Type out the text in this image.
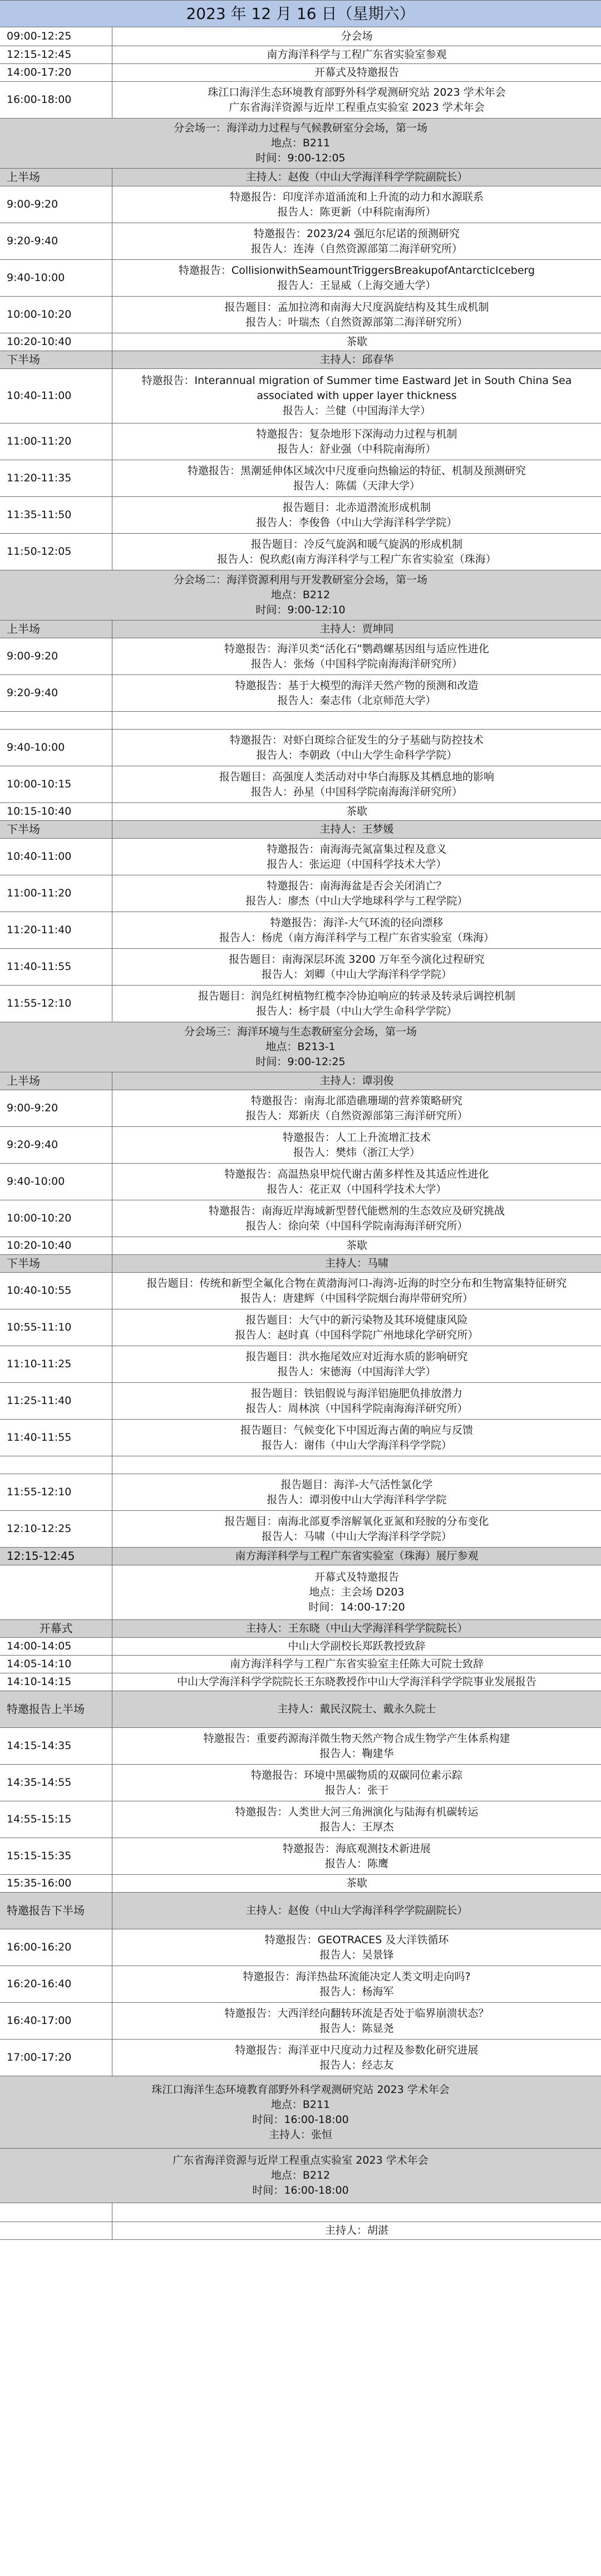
2023 年 12 月 16 日（星期六）
09:00-12:25	分会场
12:15-12:45	南方海洋科学与工程广东省实验室参观
14:00-17:20	开幕式及特邀报告
16:00-18:00
珠江口海洋生态环境教育部野外科学观测研究站 2023 学术年会
广东省海洋资源与近岸工程重点实验室 2023 学术年会
分会场一：海洋动力过程与气候教研室分会场，第一场
地点：B211
时间：9:00-12:05
上半场	主持人：赵俊（中山大学海洋科学学院副院长）
9:00-9:20
特邀报告：印度洋赤道涌流和上升流的动力和水源联系
报告人：陈更新（中科院南海所）
9:20-9:40
特邀报告：2023/24 强厄尔尼诺的预测研究
报告人：连涛（自然资源部第二海洋研究所）
9:40-10:00
特邀报告：CollisionwithSeamountTriggersBreakupofAntarcticIceberg
报告人：王显威（上海交通大学）
10:00-10:20
报告题目：孟加拉湾和南海大尺度涡旋结构及其生成机制
报告人：叶瑞杰（自然资源部第二海洋研究所）
10:20-10:40	茶歇
下半场	主持人：邱春华
10:40-11:00
特邀报告：Interannual migration of Summer time Eastward Jet in South China Sea
associated with upper layer thickness
报告人：兰健（中国海洋大学）
11:00-11:20
特邀报告：复杂地形下深海动力过程与机制
报告人：舒业强（中科院南海所）
11:20-11:35
特邀报告：黑潮延伸体区域次中尺度垂向热输运的特征、机制及预测研究
报告人：陈儒（天津大学）
11:35-11:50
报告题目：北赤道潜流形成机制
报告人：李俊鲁（中山大学海洋科学学院）
11:50-12:05
报告题目：冷反气旋涡和暖气旋涡的形成机制
报告人：倪玖彪(南方海洋科学与工程广东省实验室（珠海）
分会场二：海洋资源利用与开发教研室分会场，第一场
地点：B212
时间：9:00-12:10
上半场	主持人：贾坤同
9:00-9:20
特邀报告：海洋贝类“活化石”鹦鹉螺基因组与适应性进化
报告人：张炀（中国科学院南海海洋研究所）
9:20-9:40
特邀报告：基于大模型的海洋天然产物的预测和改造
报告人：秦志伟（北京师范大学）
9:40-10:00
特邀报告：对虾白斑综合征发生的分子基础与防控技术
报告人：李朝政（中山大学生命科学学院）
10:00-10:15
报告题目：高强度人类活动对中华白海豚及其栖息地的影响
报告人：孙星（中国科学院南海海洋研究所）
10:15-10:40	茶歇
下半场	主持人：王梦媛
10:40-11:00
特邀报告：南海海壳氮富集过程及意义
报告人：张运迎（中国科学技术大学）
11:00-11:20
特邀报告：南海海盆是否会关闭消亡？
报告人：廖杰（中山大学地球科学与工程学院）
11:20-11:40
特邀报告：海洋-大气环流的径向漂移
报告人：杨虎（南方海洋科学与工程广东省实验室（珠海）
11:40-11:55
报告题目：南海深层环流 3200 万年至今演化过程研究
报告人：刘卿（中山大学海洋科学学院）
11:55-12:10
报告题目：润凫红树植物红榄李冷协迫响应的转录及转录后调控机制
报告人：杨宇晨（中山大学生命科学学院）
分会场三：海洋环境与生态教研室分会场，第一场
地点：B213-1
时间：9:00-12:25
上半场	主持人：谭羽俊
9:00-9:20
特邀报告：南海北部造礁珊瑚的营养策略研究
报告人：郑新庆（自然资源部第三海洋研究所）
9:20-9:40
特邀报告：人工上升流增汇技术
报告人：樊炜（浙江大学）
9:40-10:00
特邀报告：高温热泉甲烷代谢古菌多样性及其适应性进化
报告人：花正双（中国科学技术大学）
10:00-10:20
特邀报告：南海近岸海域新型替代能燃剂的生态效应及研究挑战
报告人：徐向荣（中国科学院南海海洋研究所）
10:20-10:40	茶歇
下半场	主持人：马啸
10:40-10:55
报告题目：传统和新型全氟化合物在黄渤海河口-海湾-近海的时空分布和生物富集特征研究
报告人：唐建辉（中国科学院烟台海岸带研究所）
10:55-11:10
报告题目：大气中的新污染物及其环境健康风险
报告人：赵时真（中国科学院广州地球化学研究所）
11:10-11:25
报告题目：洪水拖尾效应对近海水质的影响研究
报告人：宋德海（中国海洋大学）
11:25-11:40
报告题目：铁铝假说与海洋铝施肥负排放潜力
报告人：周林滨（中国科学院南海海洋研究所）
11:40-11:55
报告题目：气候变化下中国近海古菌的响应与反馈
报告人：谢伟（中山大学海洋科学学院）
11:55-12:10
报告题目：海洋-大气活性氯化学
报告人：谭羽俊中山大学海洋科学学院
12:10-12:25
报告题目：南海北部夏季溶解氧化亚氮和羟胺的分布变化
报告人：马啸（中山大学海洋科学学院）
12:15-12:45	南方海洋科学与工程广东省实验室（珠海）展厅参观
开幕式及特邀报告
地点：主会场 D203
时间：14:00-17:20
开幕式	主持人：王东晓（中山大学海洋科学学院院长）
14:00-14:05	中山大学副校长郑跃教授致辞
14:05-14:10	南方海洋科学与工程广东省实验室主任陈大可院士致辞
14:10-14:15	中山大学海洋科学学院院长王东晓教授作中山大学海洋科学学院事业发展报告
特邀报告上半场	主持人：戴民汉院士、戴永久院士
14:15-14:35
特邀报告：重要药源海洋微生物天然产物合成生物学产生体系构建
报告人：鞠建华
14:35-14:55
特邀报告：环境中黑碳物质的双碳同位素示踪
报告人：张干
14:55-15:15
特邀报告：人类世大河三角洲演化与陆海有机碳转运
报告人：王厚杰
15:15-15:35
特邀报告：海底观测技术新进展
报告人：陈鹰
15:35-16:00	茶歇
特邀报告下半场	主持人：赵俊（中山大学海洋科学学院副院长）
16:00-16:20
特邀报告：GEOTRACES 及大洋铁循环
报告人：吴景锋
16:20-16:40
特邀报告：海洋热盐环流能决定人类文明走向吗?
报告人：杨海军
16:40-17:00
特邀报告：大西洋经向翻转环流是否处于临界崩溃状态？
报告人：陈显尧
17:00-17:20
特邀报告：海洋亚中尺度动力过程及参数化研究进展
报告人：经志友
珠江口海洋生态环境教育部野外科学观测研究站 2023 学术年会
地点：B211
时间：16:00-18:00
主持人：张恒
广东省海洋资源与近岸工程重点实验室 2023 学术年会
地点：B212
时间：16:00-18:00
主持人：胡湛
